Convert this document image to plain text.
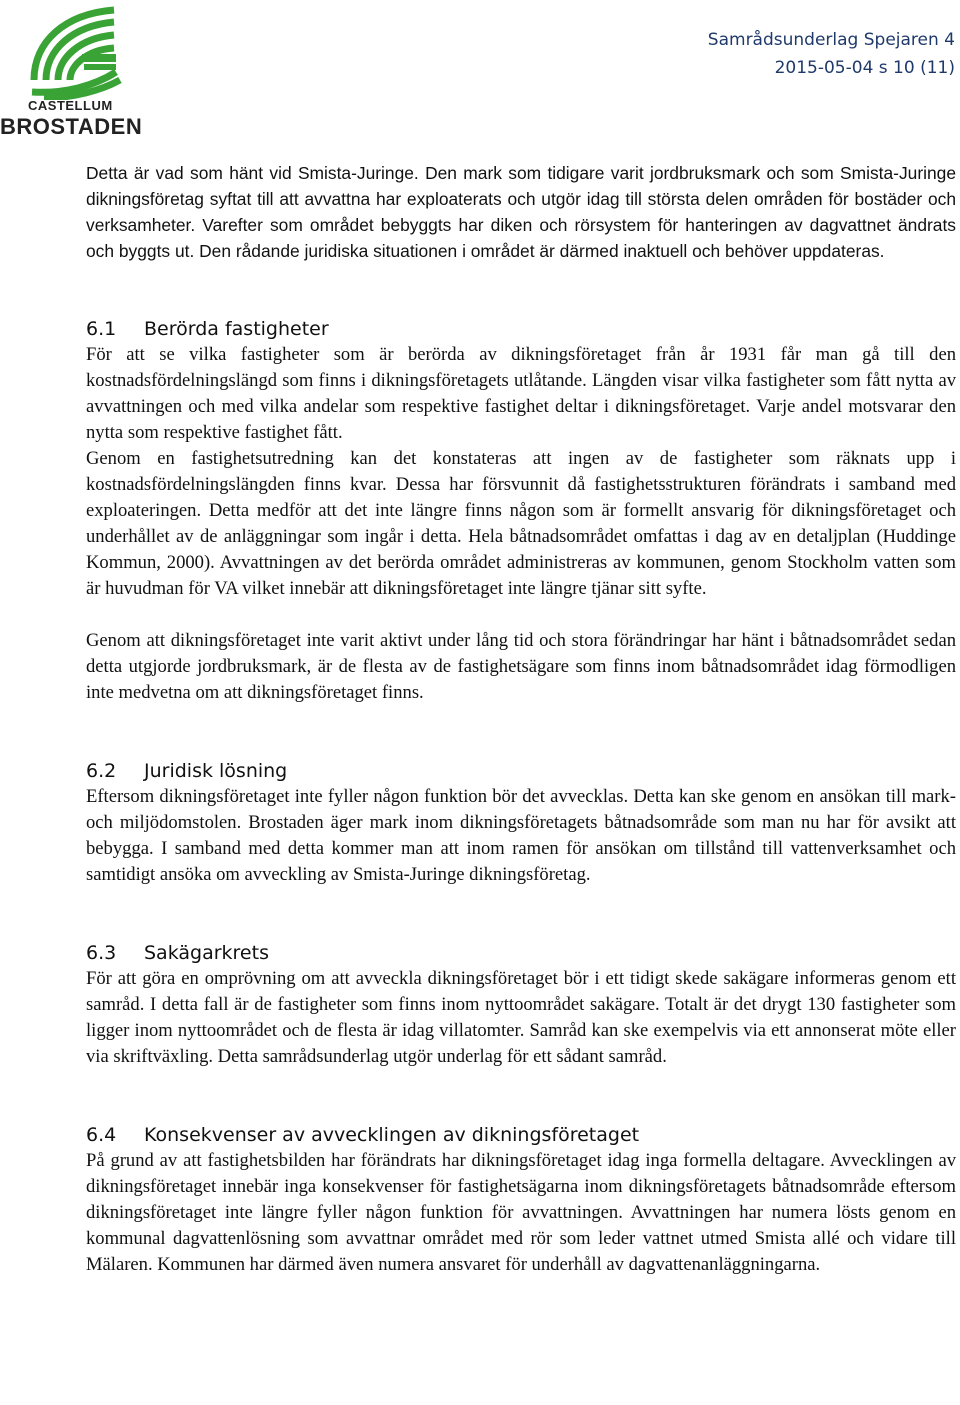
CASTELLUM
BROSTADEN
Samrådsunderlag Spejaren 4
2015-05-04 s 10 (11)

Detta är vad som hänt vid Smista-Juringe. Den mark som tidigare varit jordbruksmark och som Smista-Juringe dikningsföretag syftat till att avvattna har exploaterats och utgör idag till största delen områden för bostäder och verksamheter. Varefter som området bebyggts har diken och rörsystem för hanteringen av dagvattnet ändrats och byggts ut. Den rådande juridiska situationen i området är därmed inaktuell och behöver uppdateras.

6.1 Berörda fastigheter

För att se vilka fastigheter som är berörda av dikningsföretaget från år 1931 får man gå till den kostnadsfördelningslängd som finns i dikningsföretagets utlåtande. Längden visar vilka fastigheter som fått nytta av avvattningen och med vilka andelar som respektive fastighet deltar i dikningsföretaget. Varje andel motsvarar den nytta som respektive fastighet fått.

Genom en fastighetsutredning kan det konstateras att ingen av de fastigheter som räknats upp i kostnadsfördelningslängden finns kvar. Dessa har försvunnit då fastighetsstrukturen förändrats i samband med exploateringen. Detta medför att det inte längre finns någon som är formellt ansvarig för dikningsföretaget och underhållet av de anläggningar som ingår i detta. Hela båtnadsområdet omfattas i dag av en detaljplan (Huddinge Kommun, 2000). Avvattningen av det berörda området administreras av kommunen, genom Stockholm vatten som är huvudman för VA vilket innebär att dikningsföretaget inte längre tjänar sitt syfte.

Genom att dikningsföretaget inte varit aktivt under lång tid och stora förändringar har hänt i båtnadsområdet sedan detta utgjorde jordbruksmark, är de flesta av de fastighetsägare som finns inom båtnadsområdet idag förmodligen inte medvetna om att dikningsföretaget finns.

6.2 Juridisk lösning

Eftersom dikningsföretaget inte fyller någon funktion bör det avvecklas. Detta kan ske genom en ansökan till mark- och miljödomstolen. Brostaden äger mark inom dikningsföretagets båtnadsområde som man nu har för avsikt att bebygga. I samband med detta kommer man att inom ramen för ansökan om tillstånd till vattenverksamhet och samtidigt ansöka om avveckling av Smista-Juringe dikningsföretag.

6.3 Sakägarkrets

För att göra en omprövning om att avveckla dikningsföretaget bör i ett tidigt skede sakägare informeras genom ett samråd. I detta fall är de fastigheter som finns inom nyttoområdet sakägare. Totalt är det drygt 130 fastigheter som ligger inom nyttoområdet och de flesta är idag villatomter. Samråd kan ske exempelvis via ett annonserat möte eller via skriftväxling. Detta samrådsunderlag utgör underlag för ett sådant samråd.

6.4 Konsekvenser av avvecklingen av dikningsföretaget

På grund av att fastighetsbilden har förändrats har dikningsföretaget idag inga formella deltagare. Avvecklingen av dikningsföretaget innebär inga konsekvenser för fastighetsägarna inom dikningsföretagets båtnadsområde eftersom dikningsföretaget inte längre fyller någon funktion för avvattningen. Avvattningen har numera lösts genom en kommunal dagvattenlösning som avvattnar området med rör som leder vattnet utmed Smista allé och vidare till Mälaren. Kommunen har därmed även numera ansvaret för underhåll av dagvattenanläggningarna.
